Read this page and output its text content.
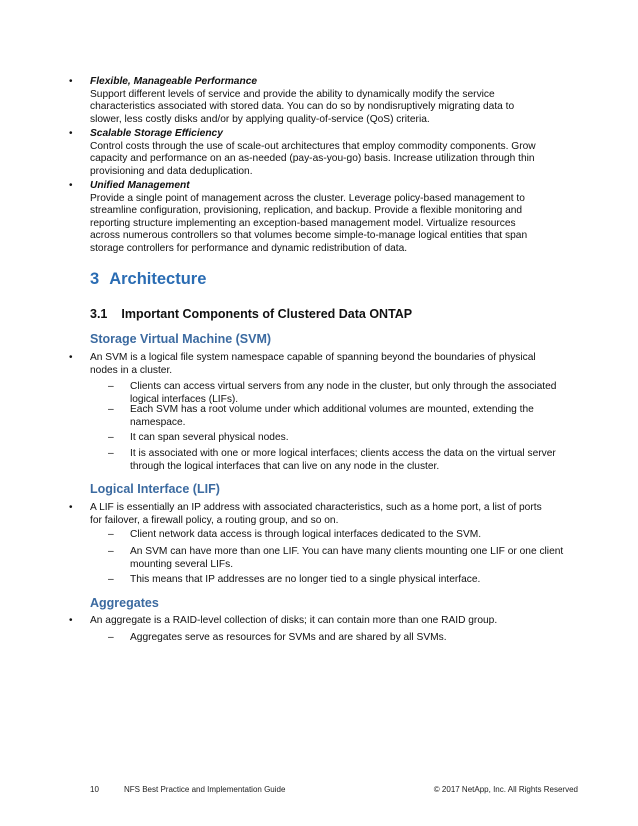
• Flexible, Manageable Performance
Support different levels of service and provide the ability to dynamically modify the service
characteristics associated with stored data. You can do so by nondisruptively migrating data to
slower, less costly disks and/or by applying quality-of-service (QoS) criteria.
• Scalable Storage Efficiency
Control costs through the use of scale-out architectures that employ commodity components. Grow
capacity and performance on an as-needed (pay-as-you-go) basis. Increase utilization through thin
provisioning and data deduplication.
• Unified Management
Provide a single point of management across the cluster. Leverage policy-based management to
streamline configuration, provisioning, replication, and backup. Provide a flexible monitoring and
reporting structure implementing an exception-based management model. Virtualize resources
across numerous controllers so that volumes become simple-to-manage logical entities that span
storage controllers for performance and dynamic redistribution of data.
3 Architecture
3.1 Important Components of Clustered Data ONTAP
Storage Virtual Machine (SVM)
• An SVM is a logical file system namespace capable of spanning beyond the boundaries of physical
nodes in a cluster.
– Clients can access virtual servers from any node in the cluster, but only through the associated
logical interfaces (LIFs).
– Each SVM has a root volume under which additional volumes are mounted, extending the
namespace.
– It can span several physical nodes.
– It is associated with one or more logical interfaces; clients access the data on the virtual server
through the logical interfaces that can live on any node in the cluster.
Logical Interface (LIF)
• A LIF is essentially an IP address with associated characteristics, such as a home port, a list of ports
for failover, a firewall policy, a routing group, and so on.
– Client network data access is through logical interfaces dedicated to the SVM.
– An SVM can have more than one LIF. You can have many clients mounting one LIF or one client
mounting several LIFs.
– This means that IP addresses are no longer tied to a single physical interface.
Aggregates
• An aggregate is a RAID-level collection of disks; it can contain more than one RAID group.
– Aggregates serve as resources for SVMs and are shared by all SVMs.
10	NFS Best Practice and Implementation Guide	© 2017 NetApp, Inc. All Rights Reserved
